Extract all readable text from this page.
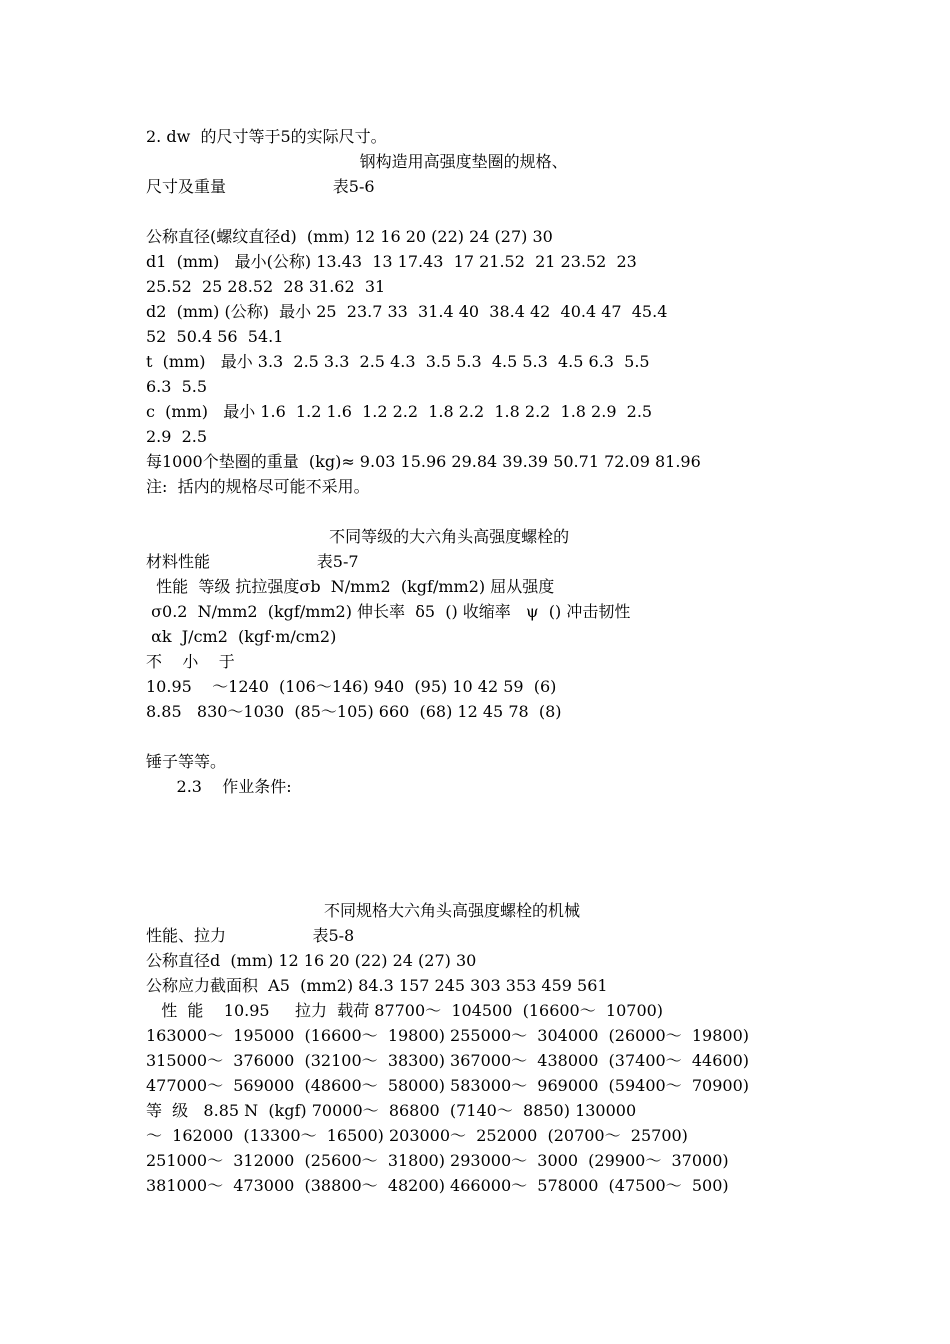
2. dw  的尺寸等于5的实际尺寸。
钢构造用高强度垫圈的规格、
尺寸及重量                     表5-6
公称直径(螺纹直径d)  (mm) 12 16 20 (22) 24 (27) 30
d1  (mm)   最小(公称) 13.43  13 17.43  17 21.52  21 23.52  23
25.52  25 28.52  28 31.62  31
d2  (mm) (公称)  最小 25  23.7 33  31.4 40  38.4 42  40.4 47  45.4
52  50.4 56  54.1
t  (mm)   最小 3.3  2.5 3.3  2.5 4.3  3.5 5.3  4.5 5.3  4.5 6.3  5.5
6.3  5.5
c  (mm)   最小 1.6  1.2 1.6  1.2 2.2  1.8 2.2  1.8 2.2  1.8 2.9  2.5
2.9  2.5
每1000个垫圈的重量  (kg)≈ 9.03 15.96 29.84 39.39 50.71 72.09 81.96
注:  括内的规格尽可能不采用。
不同等级的大六角头高强度螺栓的
材料性能                     表5-7
性能  等级 抗拉强度σb  N/mm2  (kgf/mm2) 屈从强度
σ0.2  N/mm2  (kgf/mm2) 伸长率  δ5  () 收缩率   ψ  () 冲击韧性
αk  J/cm2  (kgf·m/cm2)
不    小    于
10.95    ～1240  (106～146) 940  (95) 10 42 59  (6)
8.85   830～1030  (85～105) 660  (68) 12 45 78  (8)
锤子等等。
2.3    作业条件:
不同规格大六角头高强度螺栓的机械
性能、拉力                 表5-8
公称直径d  (mm) 12 16 20 (22) 24 (27) 30
公称应力截面积  A5  (mm2) 84.3 157 245 303 353 459 561
性  能    10.95     拉力  载荷 87700～  104500  (16600～  10700)
163000～  195000  (16600～  19800) 255000～  304000  (26000～  19800)
315000～  376000  (32100～  38300) 367000～  438000  (37400～  44600)
477000～  569000  (48600～  58000) 583000～  969000  (59400～  70900)
等  级   8.85 N  (kgf) 70000～  86800  (7140～  8850) 130000
～  162000  (13300～  16500) 203000～  252000  (20700～  25700)
251000～  312000  (25600～  31800) 293000～  3000  (29900～  37000)
381000～  473000  (38800～  48200) 466000～  578000  (47500～  500)
